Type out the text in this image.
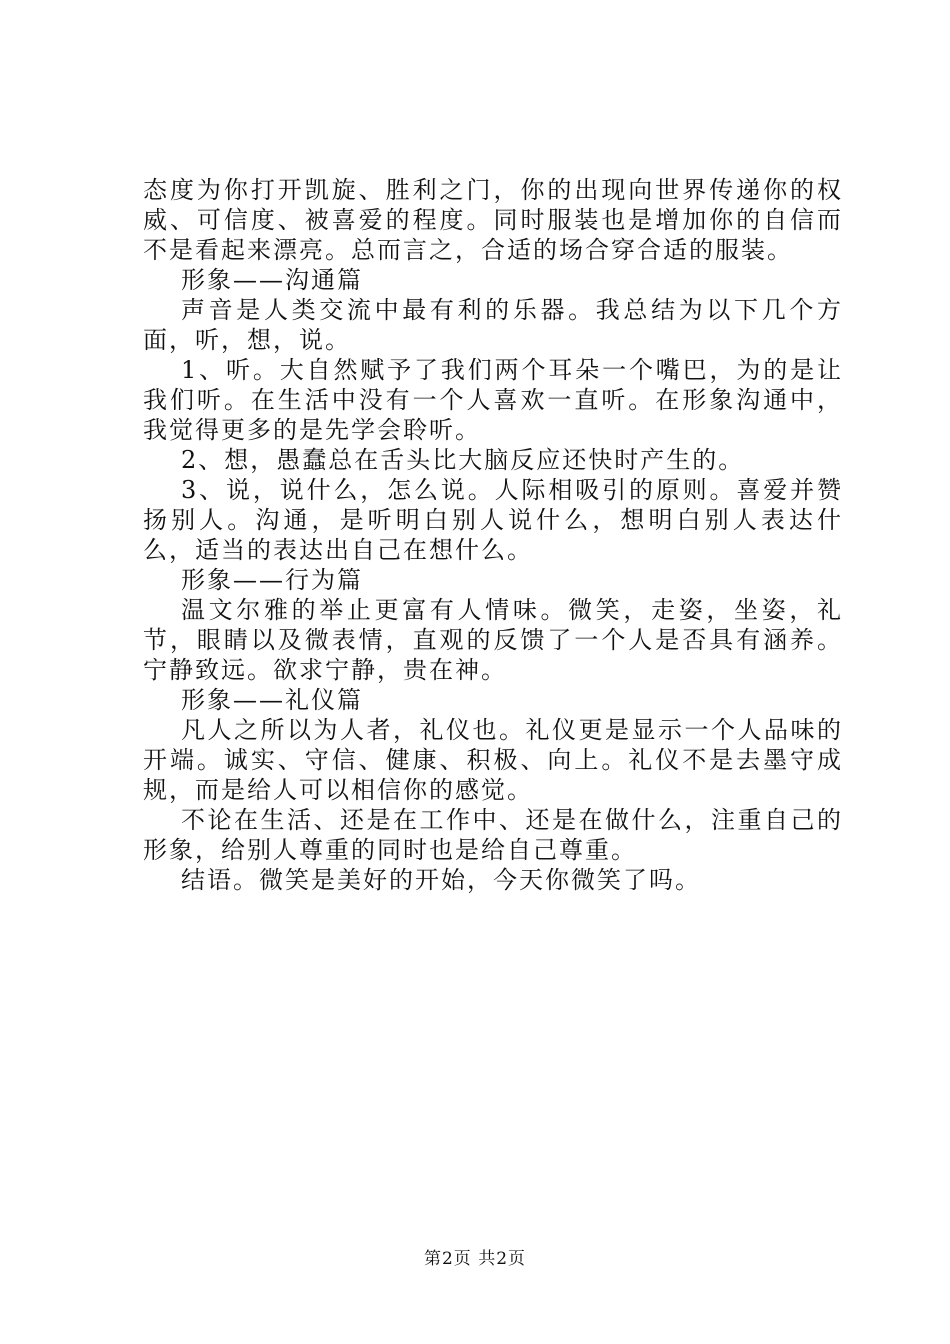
态度为你打开凯旋、胜利之门，你的出现向世界传递你的权威、可信度、被喜爱的程度。同时服装也是增加你的自信而不是看起来漂亮。总而言之，合适的场合穿合适的服装。

形象——沟通篇

声音是人类交流中最有利的乐器。我总结为以下几个方面，听，想，说。

1、听。大自然赋予了我们两个耳朵一个嘴巴，为的是让我们听。在生活中没有一个人喜欢一直听。在形象沟通中，我觉得更多的是先学会聆听。

2、想，愚蠢总在舌头比大脑反应还快时产生的。

3、说，说什么，怎么说。人际相吸引的原则。喜爱并赞扬别人。沟通，是听明白别人说什么，想明白别人表达什么，适当的表达出自己在想什么。

形象——行为篇

温文尔雅的举止更富有人情味。微笑，走姿，坐姿，礼节，眼睛以及微表情，直观的反馈了一个人是否具有涵养。宁静致远。欲求宁静，贵在神。

形象——礼仪篇

凡人之所以为人者，礼仪也。礼仪更是显示一个人品味的开端。诚实、守信、健康、积极、向上。礼仪不是去墨守成规，而是给人可以相信你的感觉。

不论在生活、还是在工作中、还是在做什么，注重自己的形象，给别人尊重的同时也是给自己尊重。

结语。微笑是美好的开始，今天你微笑了吗。

第2页 共2页
